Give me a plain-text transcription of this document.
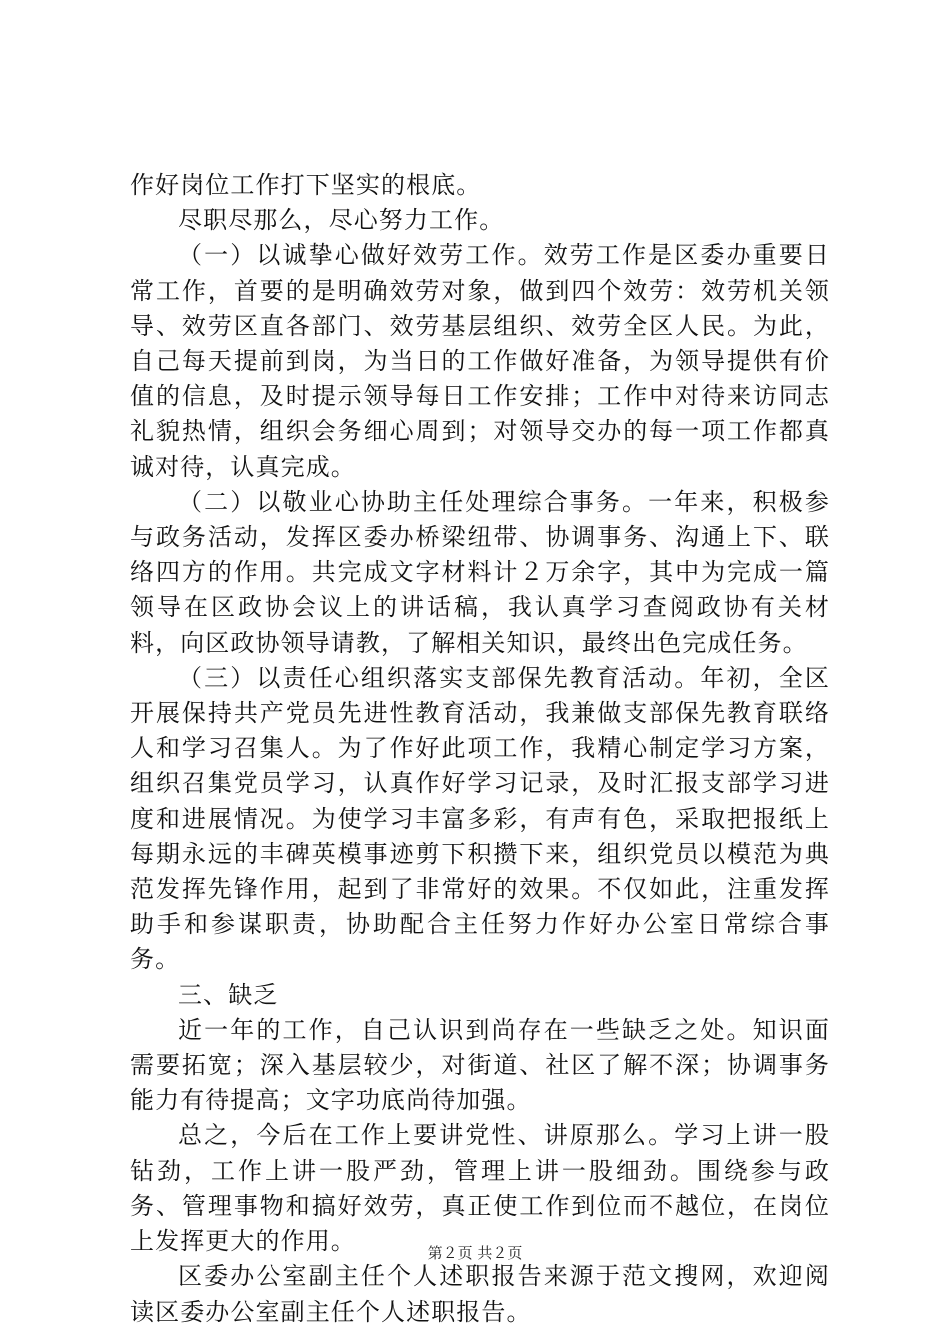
作好岗位工作打下坚实的根底。

尽职尽那么，尽心努力工作。

（一）以诚挚心做好效劳工作。效劳工作是区委办重要日常工作，首要的是明确效劳对象，做到四个效劳：效劳机关领导、效劳区直各部门、效劳基层组织、效劳全区人民。为此，自己每天提前到岗，为当日的工作做好准备，为领导提供有价值的信息，及时提示领导每日工作安排；工作中对待来访同志礼貌热情，组织会务细心周到；对领导交办的每一项工作都真诚对待，认真完成。

（二）以敬业心协助主任处理综合事务。一年来，积极参与政务活动，发挥区委办桥梁纽带、协调事务、沟通上下、联络四方的作用。共完成文字材料计２万余字，其中为完成一篇领导在区政协会议上的讲话稿，我认真学习查阅政协有关材料，向区政协领导请教，了解相关知识，最终出色完成任务。

（三）以责任心组织落实支部保先教育活动。年初，全区开展保持共产党员先进性教育活动，我兼做支部保先教育联络人和学习召集人。为了作好此项工作，我精心制定学习方案，组织召集党员学习，认真作好学习记录，及时汇报支部学习进度和进展情况。为使学习丰富多彩，有声有色，采取把报纸上每期永远的丰碑英模事迹剪下积攒下来，组织党员以模范为典范发挥先锋作用，起到了非常好的效果。不仅如此，注重发挥助手和参谋职责，协助配合主任努力作好办公室日常综合事务。

三、缺乏

近一年的工作，自己认识到尚存在一些缺乏之处。知识面需要拓宽；深入基层较少，对街道、社区了解不深；协调事务能力有待提高；文字功底尚待加强。

总之，今后在工作上要讲党性、讲原那么。学习上讲一股钻劲，工作上讲一股严劲，管理上讲一股细劲。围绕参与政务、管理事物和搞好效劳，真正使工作到位而不越位，在岗位上发挥更大的作用。

区委办公室副主任个人述职报告来源于范文搜网，欢迎阅读区委办公室副主任个人述职报告。

第２页 共２页
